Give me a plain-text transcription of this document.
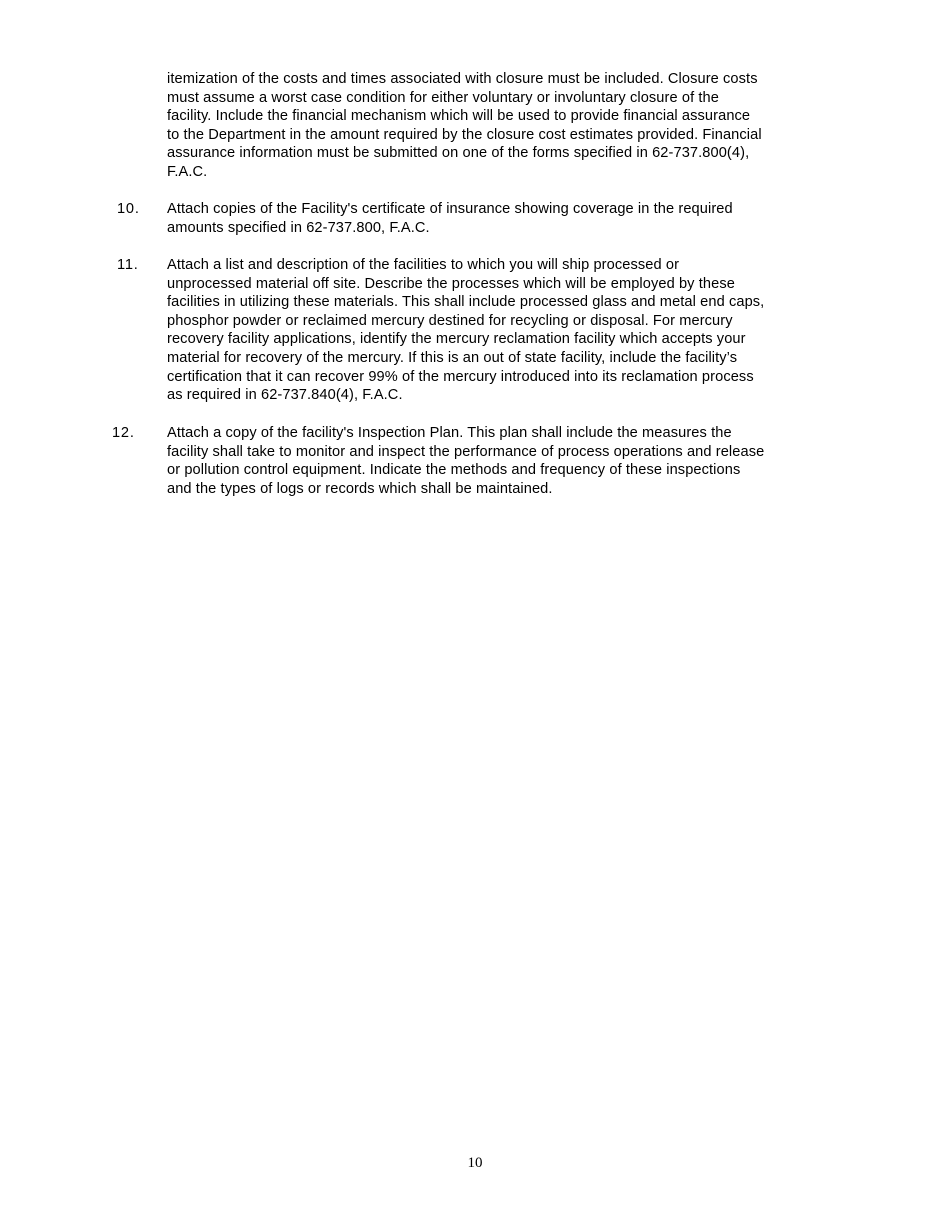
itemization of the costs and times associated with closure must be included. Closure costs
must assume a worst case condition for either voluntary or involuntary closure of the
facility. Include the financial mechanism which will be used to provide financial assurance
to the Department in the amount required by the closure cost estimates provided. Financial
assurance information must be submitted on one of the forms specified in 62-737.800(4),
F.A.C.
10. Attach copies of the Facility's certificate of insurance showing coverage in the required
amounts specified in 62-737.800, F.A.C.
11. Attach a list and description of the facilities to which you will ship processed or
unprocessed material off site. Describe the processes which will be employed by these
facilities in utilizing these materials. This shall include processed glass and metal end caps,
phosphor powder or reclaimed mercury destined for recycling or disposal. For mercury
recovery facility applications, identify the mercury reclamation facility which accepts your
material for recovery of the mercury. If this is an out of state facility, include the facility’s
certification that it can recover 99% of the mercury introduced into its reclamation process
as required in 62-737.840(4), F.A.C.
12. Attach a copy of the facility's Inspection Plan. This plan shall include the measures the
facility shall take to monitor and inspect the performance of process operations and release
or pollution control equipment. Indicate the methods and frequency of these inspections
and the types of logs or records which shall be maintained.
10
